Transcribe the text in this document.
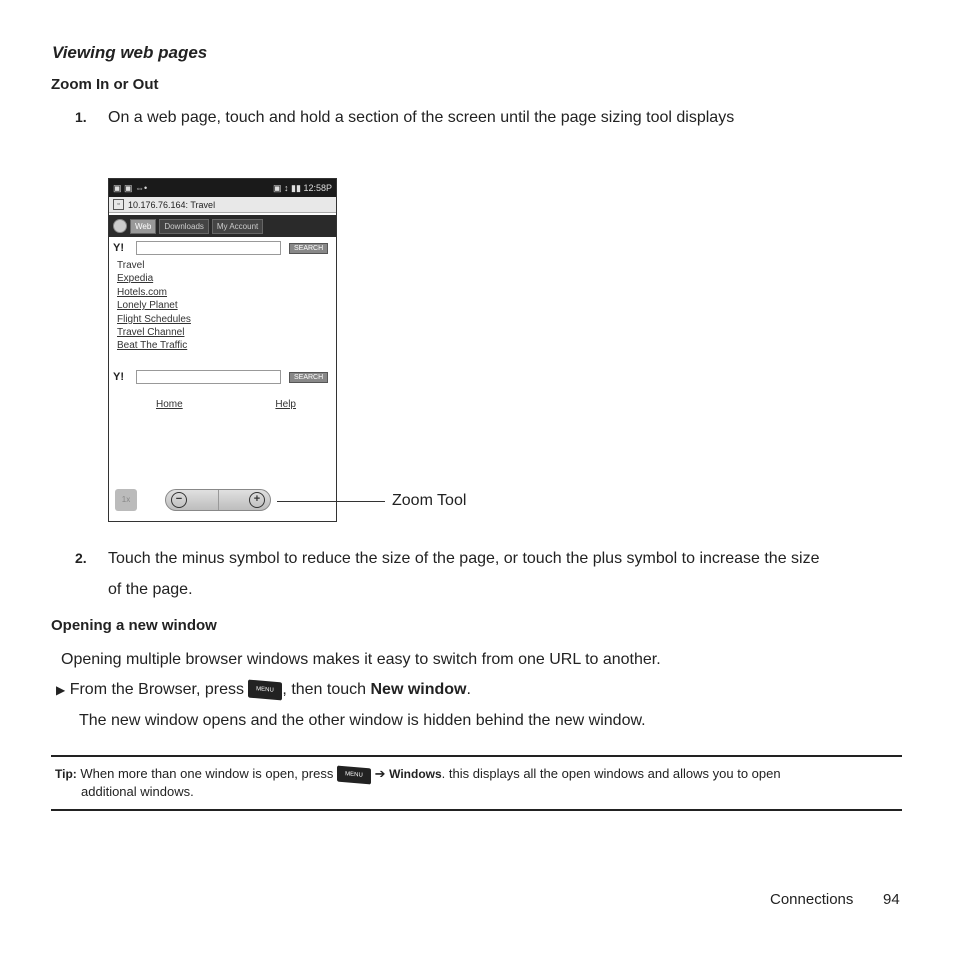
Viewing web pages
Zoom In or Out
1. On a web page, touch and hold a section of the screen until the page sizing tool displays
▣ ▣ ⇔•	▣ ↕ ▮▮ 12:58P
▫ 10.176.76.164: Travel
Web	Downloads	My Account
Y!	SEARCH
Travel
Expedia
Hotels.com
Lonely Planet
Flight Schedules
Travel Channel
Beat The Traffic
Y!	SEARCH
Home	Help
1x	−	+	Zoom Tool
2. Touch the minus symbol to reduce the size of the page, or touch the plus symbol to increase the size
of the page.
Opening a new window
Opening multiple browser windows makes it easy to switch from one URL to another.
▶ From the Browser, press MENU , then touch New window.
The new window opens and the other window is hidden behind the new window.
Tip: When more than one window is open, press MENU ➔ Windows. this displays all the open windows and allows you to open
additional windows.
Connections 94
